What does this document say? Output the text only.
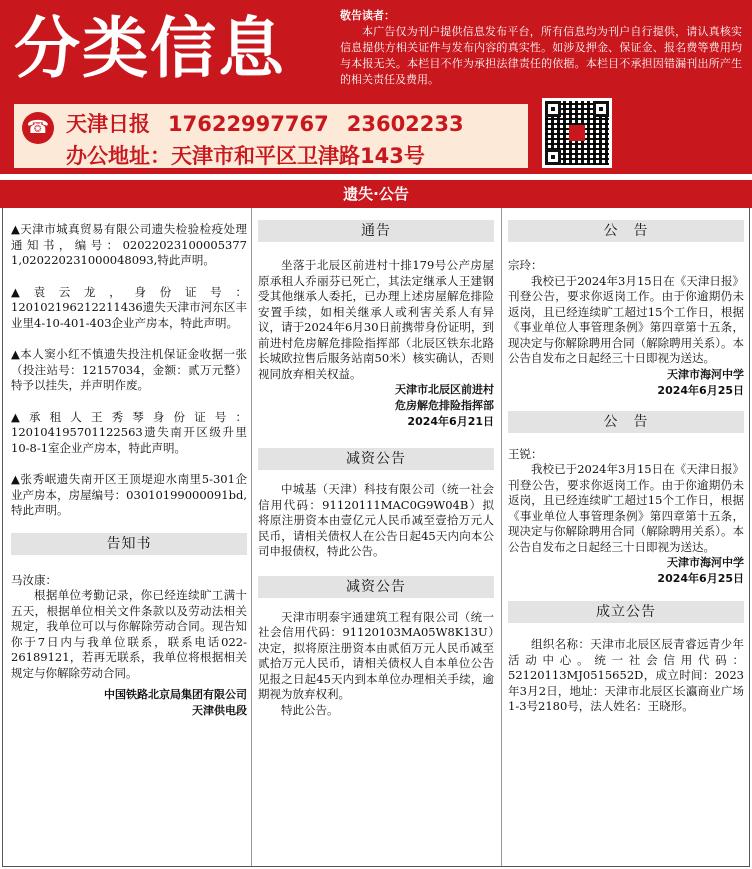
分类信息	敬告读者：

本广告仅为刊户提供信息发布平台，所有信息均为刊户自行提供，请认真核实信息提供方相关证件与发布内容的真实性。如涉及押金、保证金、报名费等费用均与本报无关。本栏目不作为承担法律责任的依据。本栏目不承担因错漏刊出所产生的相关责任及费用。

☎ 天津日报 17622997767 23602233
办公地址：天津市和平区卫津路143号
遗失·公告

▲天津市城真贸易有限公司遗失检验检疫处理通知书，编号：02022023100005377​1,02022023100004809​3,特此声明。

▲袁云龙，身份证号：120102196212211436遗失天津市河东区丰业里4-10-401-403企业产房本，特此声明。

▲本人窦小红不慎遗失投注机保证金收据一张（投注站号：12157034，金额：贰万元整）特予以挂失，并声明作废。

▲承租人王秀琴身份证号：120104195701122563遗失南开区级升里10-8-1室企业产房本，特此声明。

▲张秀岷遗失南开区王顶堤迎水南里5-301企业产房本，房屋编号：0301019900009​1bd,特此声明。

告知书

马汝康：

根据单位考勤记录，你已经连续旷工满十五天，根据单位相关文件条款以及劳动法相关规定，我单位可以与你解除劳动合同。现告知你于7日内与我单位联系，联系电话022-26189121，若再无联系，我单位将根据相关规定与你解除劳动合同。

中国铁路北京局集团有限公司

天津供电段

通告

坐落于北辰区前进村十排179号公产房屋原承租人乔丽芬已死亡，其法定继承人王建钢受其他继承人委托，已办理上述房屋解危排险安置手续，如相关继承人或利害关系人有异议，请于2024年6月30日前携带身份证明，到前进村危房解危排险指挥部（北辰区铁东北路长城欧拉售后服务站南50米）核实确认，否则视同放弃相关权益。

天津市北辰区前进村

危房解危排险指挥部

2024年6月21日

减资公告

中城基（天津）科技有限公司（统一社会信用代码：91120111MAC0G9W04B）拟将原注册资本由壹亿元人民币减至壹拾万元人民币，请相关债权人在公告日起45天内向本公司申报债权，特此公告。

减资公告

天津市明泰宇通建筑工程有限公司（统一社会信用代码：91120103MA05W8K13U）决定，拟将原注册资本由贰佰万元人民币减至贰拾万元人民币，请相关债权人自本单位公告见报之日起45天内到本单位办理相关手续，逾期视为放弃权利。

特此公告。

公　告

宗玲：

我校已于2024年3月15日在《天津日报》刊登公告，要求你返岗工作。由于你逾期仍未返岗，且已经连续旷工超过15个工作日，根据《事业单位人事管理条例》第四章第十五条，现决定与你解除聘用合同（解除聘用关系）。本公告自发布之日起经三十日即视为送达。

天津市海河中学

2024年6月25日

公　告

王锐：

我校已于2024年3月15日在《天津日报》刊登公告，要求你返岗工作。由于你逾期仍未返岗，且已经连续旷工超过15个工作日，根据《事业单位人事管理条例》第四章第十五条，现决定与你解除聘用合同（解除聘用关系）。本公告自发布之日起经三十日即视为送达。

天津市海河中学

2024年6月25日

成立公告

组织名称：天津市北辰区辰青睿远青少年活动中心。统一社会信用代码：52120113MJ0515652D，成立时间：2023年3月2日，地址：天津市北辰区长瀛商业广场1-3号2180号，法人姓名：王晓形。
